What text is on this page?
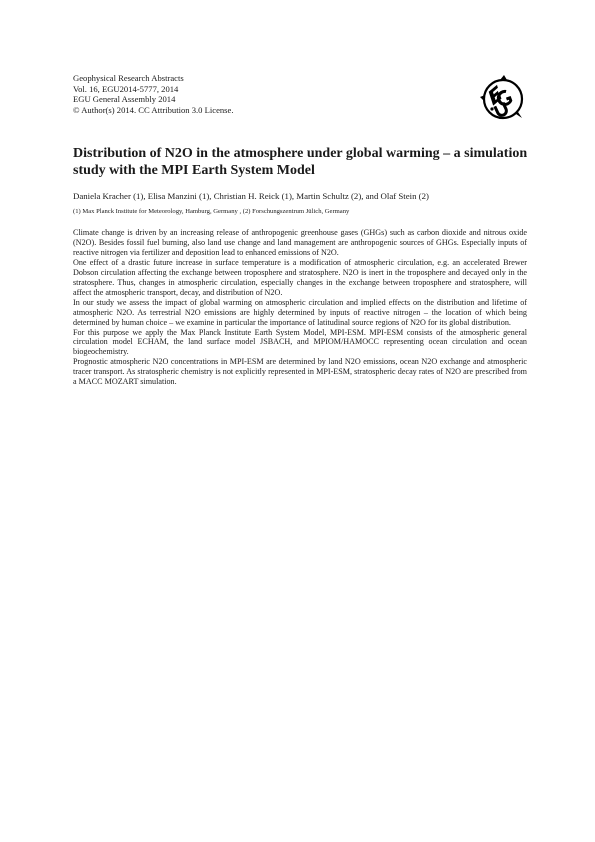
Geophysical Research Abstracts
Vol. 16, EGU2014-5777, 2014
EGU General Assembly 2014
© Author(s) 2014. CC Attribution 3.0 License.
Distribution of N2O in the atmosphere under global warming – a simulation study with the MPI Earth System Model
Daniela Kracher (1), Elisa Manzini (1), Christian H. Reick (1), Martin Schultz (2), and Olaf Stein (2)
(1) Max Planck Institute for Meteorology, Hamburg, Germany , (2) Forschungszentrum Jülich, Germany

Climate change is driven by an increasing release of anthropogenic greenhouse gases (GHGs) such as carbon dioxide and nitrous oxide (N2O). Besides fossil fuel burning, also land use change and land management are anthropogenic sources of GHGs. Especially inputs of reactive nitrogen via fertilizer and deposition lead to enhanced emissions of N2O.

One effect of a drastic future increase in surface temperature is a modification of atmospheric circulation, e.g. an accelerated Brewer Dobson circulation affecting the exchange between troposphere and stratosphere. N2O is inert in the troposphere and decayed only in the stratosphere. Thus, changes in atmospheric circulation, especially changes in the exchange between troposphere and stratosphere, will affect the atmospheric transport, decay, and distribution of N2O.

In our study we assess the impact of global warming on atmospheric circulation and implied effects on the distribution and lifetime of atmospheric N2O. As terrestrial N2O emissions are highly determined by inputs of reactive nitrogen – the location of which being determined by human choice – we examine in particular the importance of latitudinal source regions of N2O for its global distribution.

For this purpose we apply the Max Planck Institute Earth System Model, MPI-ESM. MPI-ESM consists of the atmospheric general circulation model ECHAM, the land surface model JSBACH, and MPIOM/HAMOCC representing ocean circulation and ocean biogeochemistry.

Prognostic atmospheric N2O concentrations in MPI-ESM are determined by land N2O emissions, ocean N2O exchange and atmospheric tracer transport. As stratospheric chemistry is not explicitly represented in MPI-ESM, stratospheric decay rates of N2O are prescribed from a MACC MOZART simulation.
